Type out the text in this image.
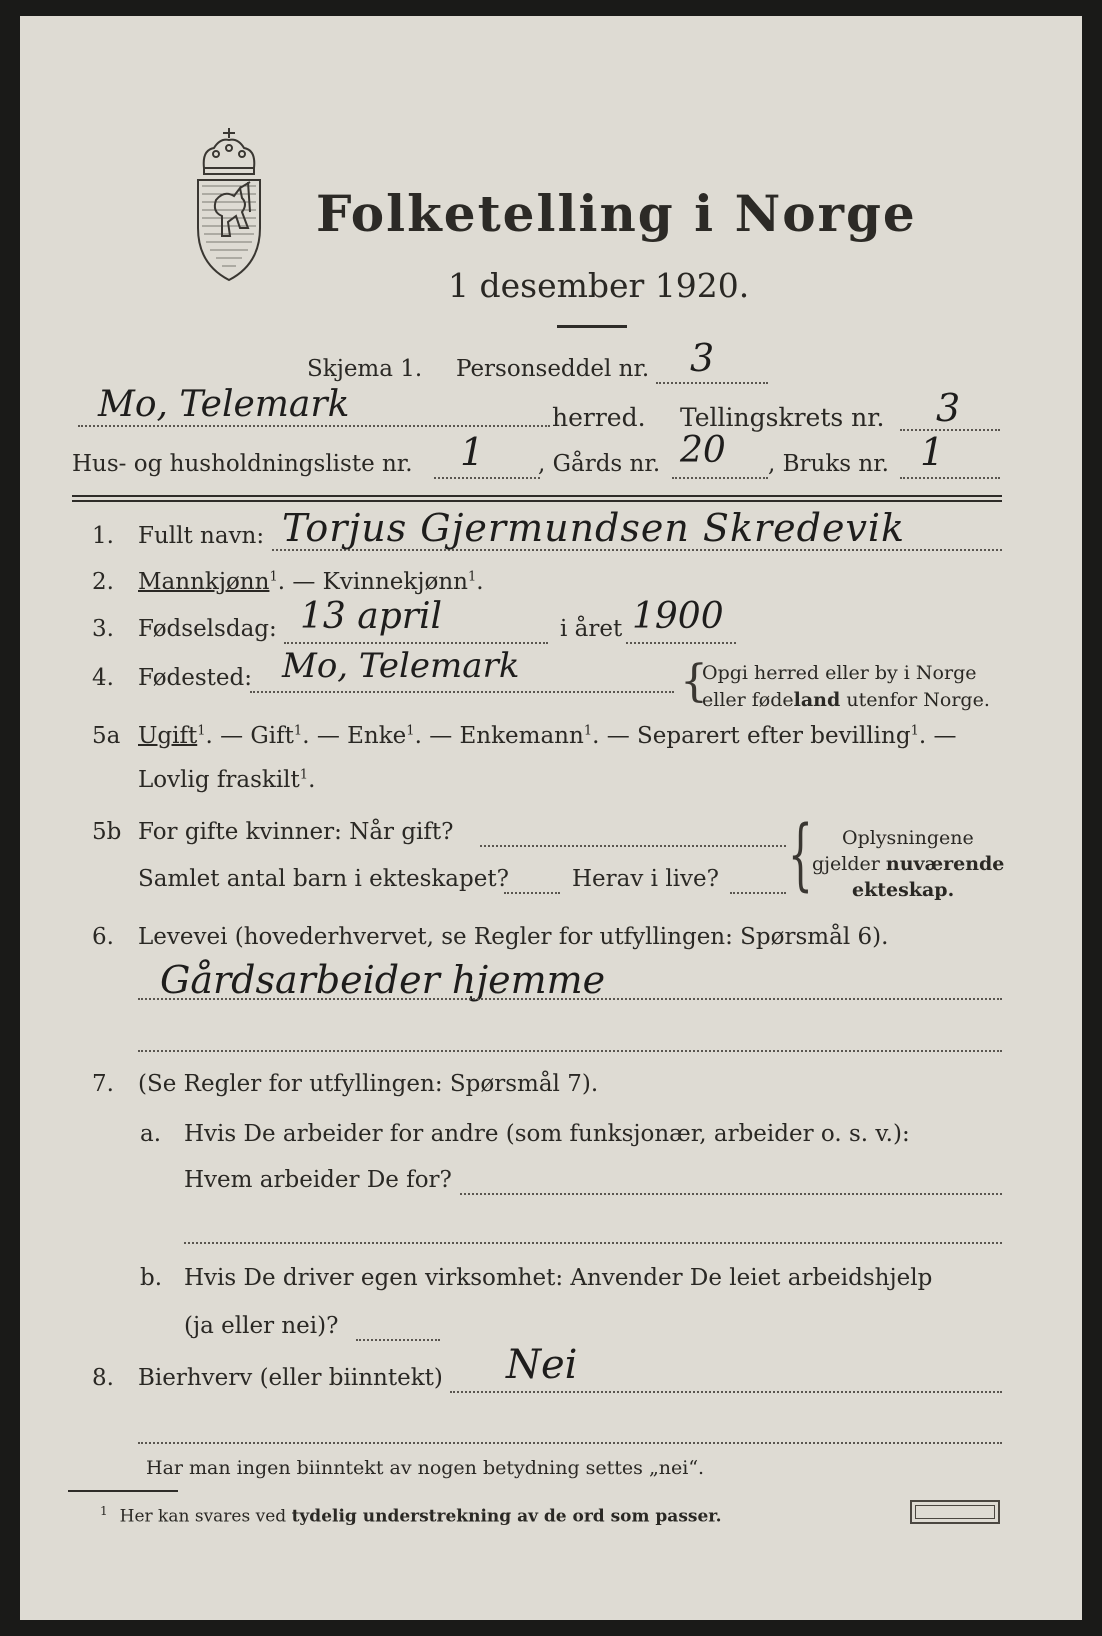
Folketelling i Norge
1 desember 1920.
Skjema 1. Personseddel nr. 3
Mo, Telemark	herred. Tellingskrets nr. 3
Hus- og husholdningsliste nr. 1 , Gårds nr. 20 , Bruks nr. 1
1. Fullt navn: Torjus Gjermundsen Skredevik
2. Mannkjønn$^1$. — Kvinnekjønn$^1$.
3. Fødselsdag: 13 april	i året 1900
4. Fødested: Mo, Telemark	{
Opgi herred eller by i Norge
eller fødeland utenfor Norge.
5a Ugift$^1$. — Gift$^1$. — Enke$^1$. — Enkemann$^1$. — Separert efter bevilling$^1$. —
Lovlig fraskilt$^1$.
5b For gifte kvinner: Når gift?
Samlet antal barn i ekteskapet?	Herav i live? { Oplysningene
gjelder nuværende
ekteskap.
6. Levevei (hovederhvervet, se Regler for utfyllingen: Spørsmål 6).
Gårdsarbeider hjemme
7. (Se Regler for utfyllingen: Spørsmål 7).
a. Hvis De arbeider for andre (som funksjonær, arbeider o. s. v.):
Hvem arbeider De for?
b. Hvis De driver egen virksomhet: Anvender De leiet arbeidshjelp
(ja eller nei)?
8. Bierhverv (eller biinntekt) Nei
Har man ingen biinntekt av nogen betydning settes „nei“.
$^1$ Her kan svares ved tydelig understrekning av de ord som passer.
